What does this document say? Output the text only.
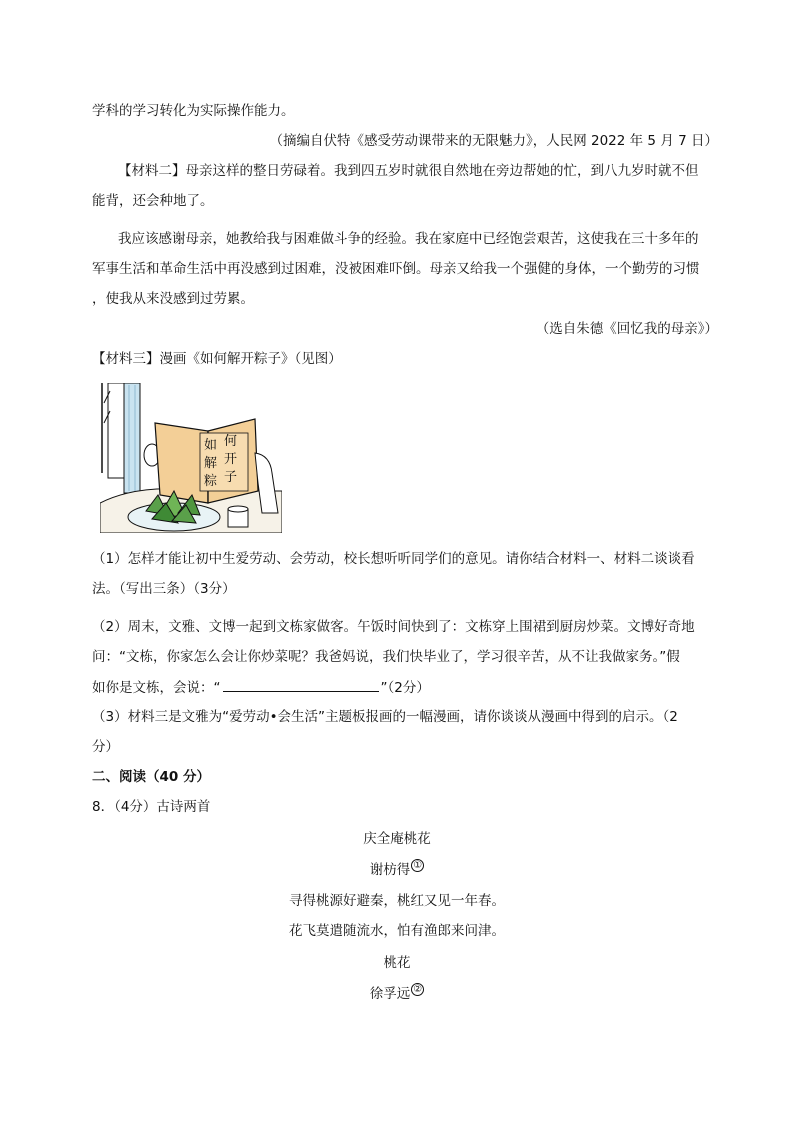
学科的学习转化为实际操作能力。
（摘编自伏特《感受劳动课带来的无限魅力》，人民网 2022 年 5 月 7 日）
【材料二】母亲这样的整日劳碌着。我到四五岁时就很自然地在旁边帮她的忙，到八九岁时就不但
能背，还会种地了。
我应该感谢母亲，她教给我与困难做斗争的经验。我在家庭中已经饱尝艰苦，这使我在三十多年的
军事生活和革命生活中再没感到过困难，没被困难吓倒。母亲又给我一个强健的身体，一个勤劳的习惯
，使我从来没感到过劳累。
（选自朱德《回忆我的母亲》）
【材料三】漫画《如何解开粽子》（见图）
如 何
解 开
粽 子
（1）怎样才能让初中生爱劳动、会劳动，校长想听听同学们的意见。请你结合材料一、材料二谈谈看
法。（写出三条）（3分）
（2）周末，文雅、文博一起到文栋家做客。午饭时间快到了：文栋穿上围裙到厨房炒菜。文博好奇地
问：“文栋，你家怎么会让你炒菜呢？我爸妈说，我们快毕业了，学习很辛苦，从不让我做家务。”假
如你是文栋，会说：“	”（2分）
（3）材料三是文雅为“爱劳动•会生活”主题板报画的一幅漫画，请你谈谈从漫画中得到的启示。（2
分）
二、阅读（40 分）
8．（4分）古诗两首
庆全庵桃花
谢枋得 ①
寻得桃源好避秦，桃红又见一年春。
花飞莫遣随流水，怕有渔郎来问津。
桃花
徐孚远 ②
